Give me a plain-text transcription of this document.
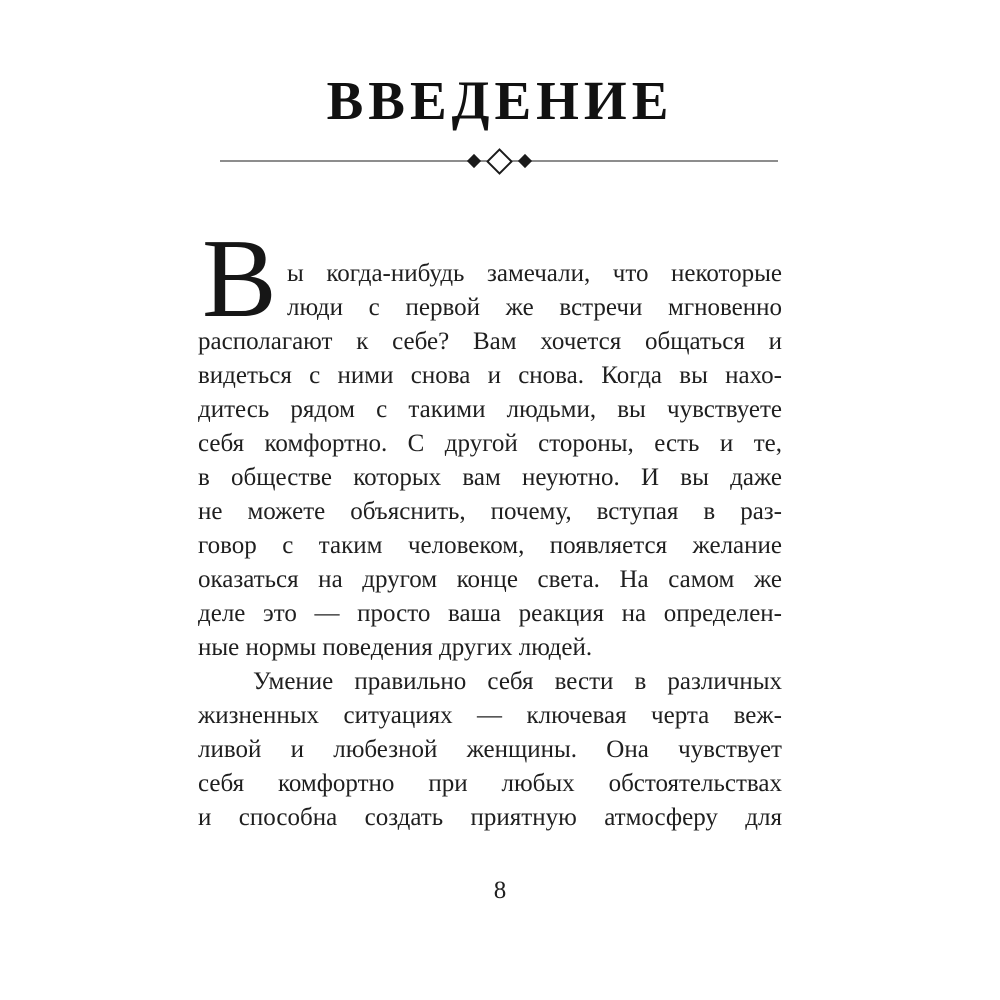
ВВЕДЕНИЕ
В ы когда-нибудь замечали, что некоторые
люди с первой же встречи мгновенно
располагают к себе? Вам хочется общаться и
видеться с ними снова и снова. Когда вы нахо-
дитесь рядом с такими людьми, вы чувствуете
себя комфортно. С другой стороны, есть и те,
в обществе которых вам неуютно. И вы даже
не можете объяснить, почему, вступая в раз-
говор с таким человеком, появляется желание
оказаться на другом конце света. На самом же
деле это — просто ваша реакция на определен-
ные нормы поведения других людей.
Умение правильно себя вести в различных
жизненных ситуациях — ключевая черта веж-
ливой и любезной женщины. Она чувствует
себя комфортно при любых обстоятельствах
и способна создать приятную атмосферу для
8
